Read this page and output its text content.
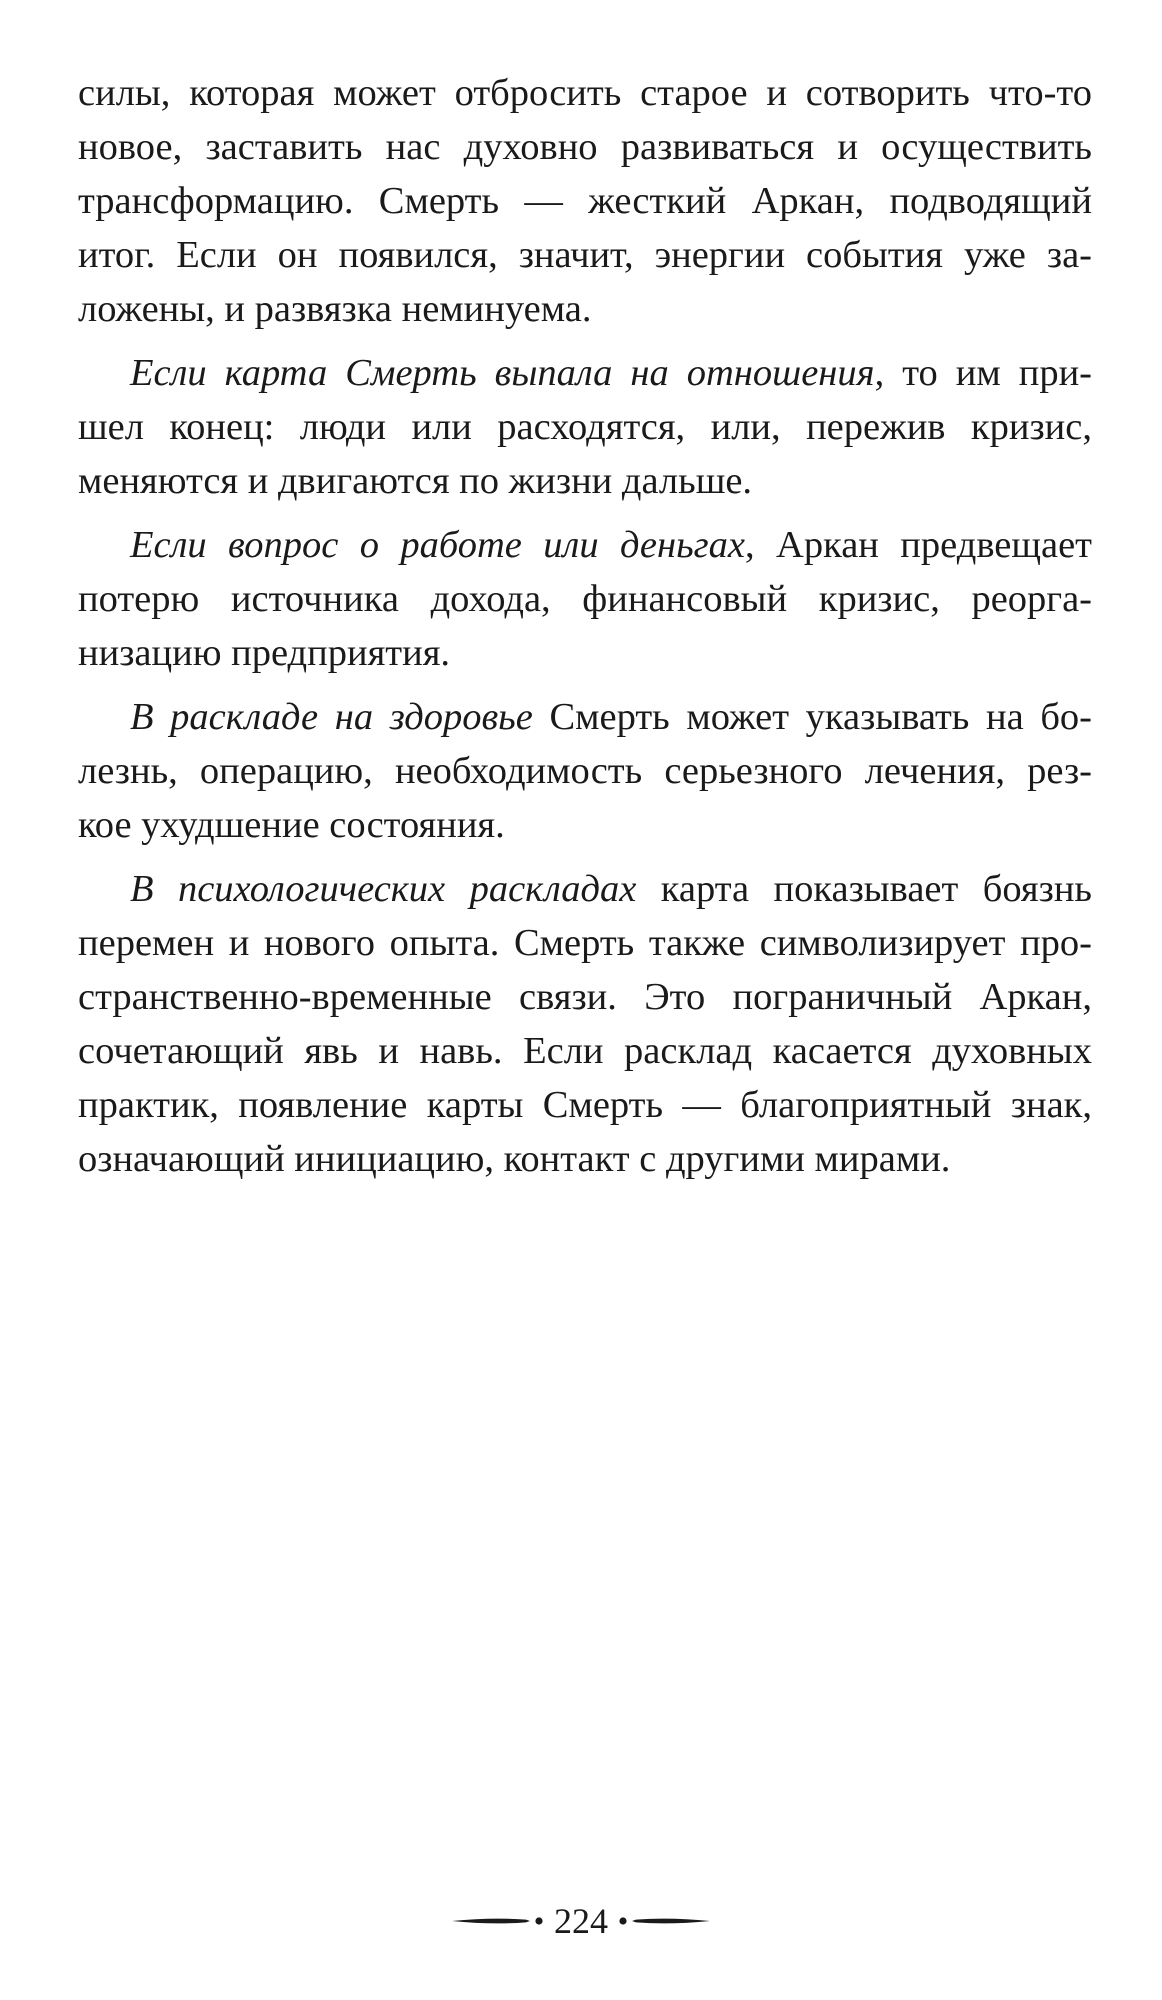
силы, которая может отбросить старое и сотворить что-то
новое, заставить нас духовно развиваться и осуществить
трансформацию. Смерть — жесткий Аркан, подводящий
итог. Если он появился, значит, энергии события уже за-
ложены, и развязка неминуема.

Если карта Смерть выпала на отношения, то им при-
шел конец: люди или расходятся, или, пережив кризис,
меняются и двигаются по жизни дальше.

Если вопрос о работе или деньгах, Аркан предвещает
потерю источника дохода, финансовый кризис, реорга-
низацию предприятия.

В раскладе на здоровье Смерть может указывать на бо-
лезнь, операцию, необходимость серьезного лечения, рез-
кое ухудшение состояния.

В психологических раскладах карта показывает боязнь
перемен и нового опыта. Смерть также символизирует про-
странственно-временные связи. Это пограничный Аркан,
сочетающий явь и навь. Если расклад касается духовных
практик, появление карты Смерть — благоприятный знак,
означающий инициацию, контакт с другими мирами.

224
